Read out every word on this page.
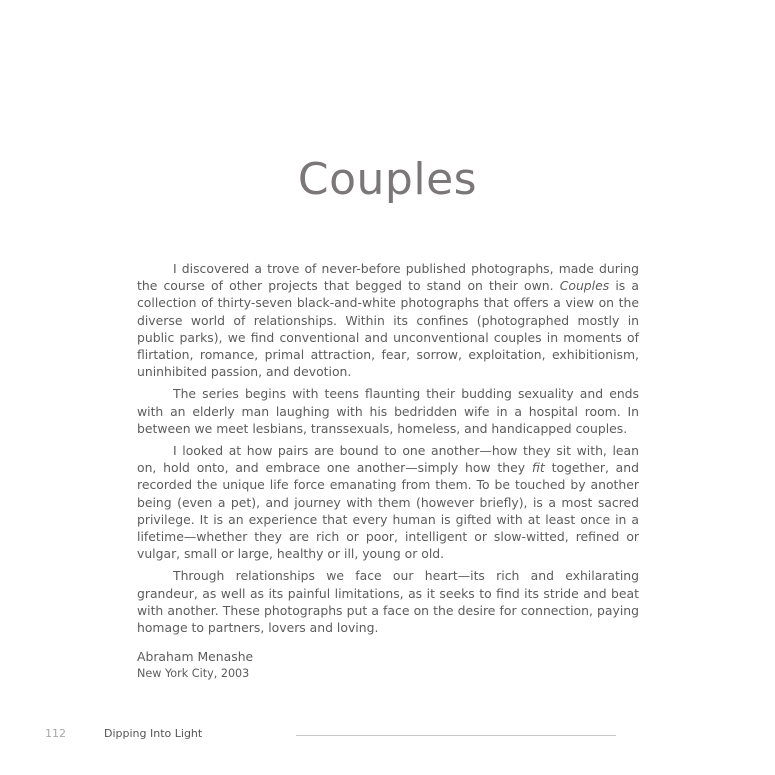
Couples

I discovered a trove of never-before published photographs, made during the course of other projects that begged to stand on their own. Couples is a collection of thirty-seven black-and-white photographs that offers a view on the diverse world of relationships. Within its confines (photographed mostly in public parks), we find conventional and unconventional couples in moments of flirtation, romance, primal attraction, fear, sorrow, exploitation, exhibitionism, uninhibited passion, and devotion.

The series begins with teens flaunting their budding sexuality and ends with an elderly man laughing with his bedridden wife in a hospital room. In between we meet lesbians, transsexuals, homeless, and handicapped couples.

I looked at how pairs are bound to one another—how they sit with, lean on, hold onto, and embrace one another—simply how they fit together, and recorded the unique life force emanating from them. To be touched by another being (even a pet), and journey with them (however briefly), is a most sacred privilege. It is an experience that every human is gifted with at least once in a lifetime—whether they are rich or poor, intelligent or slow-witted, refined or vulgar, small or large, healthy or ill, young or old.

Through relationships we face our heart—its rich and exhilarating grandeur, as well as its painful limitations, as it seeks to find its stride and beat with another. These photographs put a face on the desire for connection, paying homage to partners, lovers and loving.

Abraham Menashe
New York City, 2003
112	Dipping Into Light
